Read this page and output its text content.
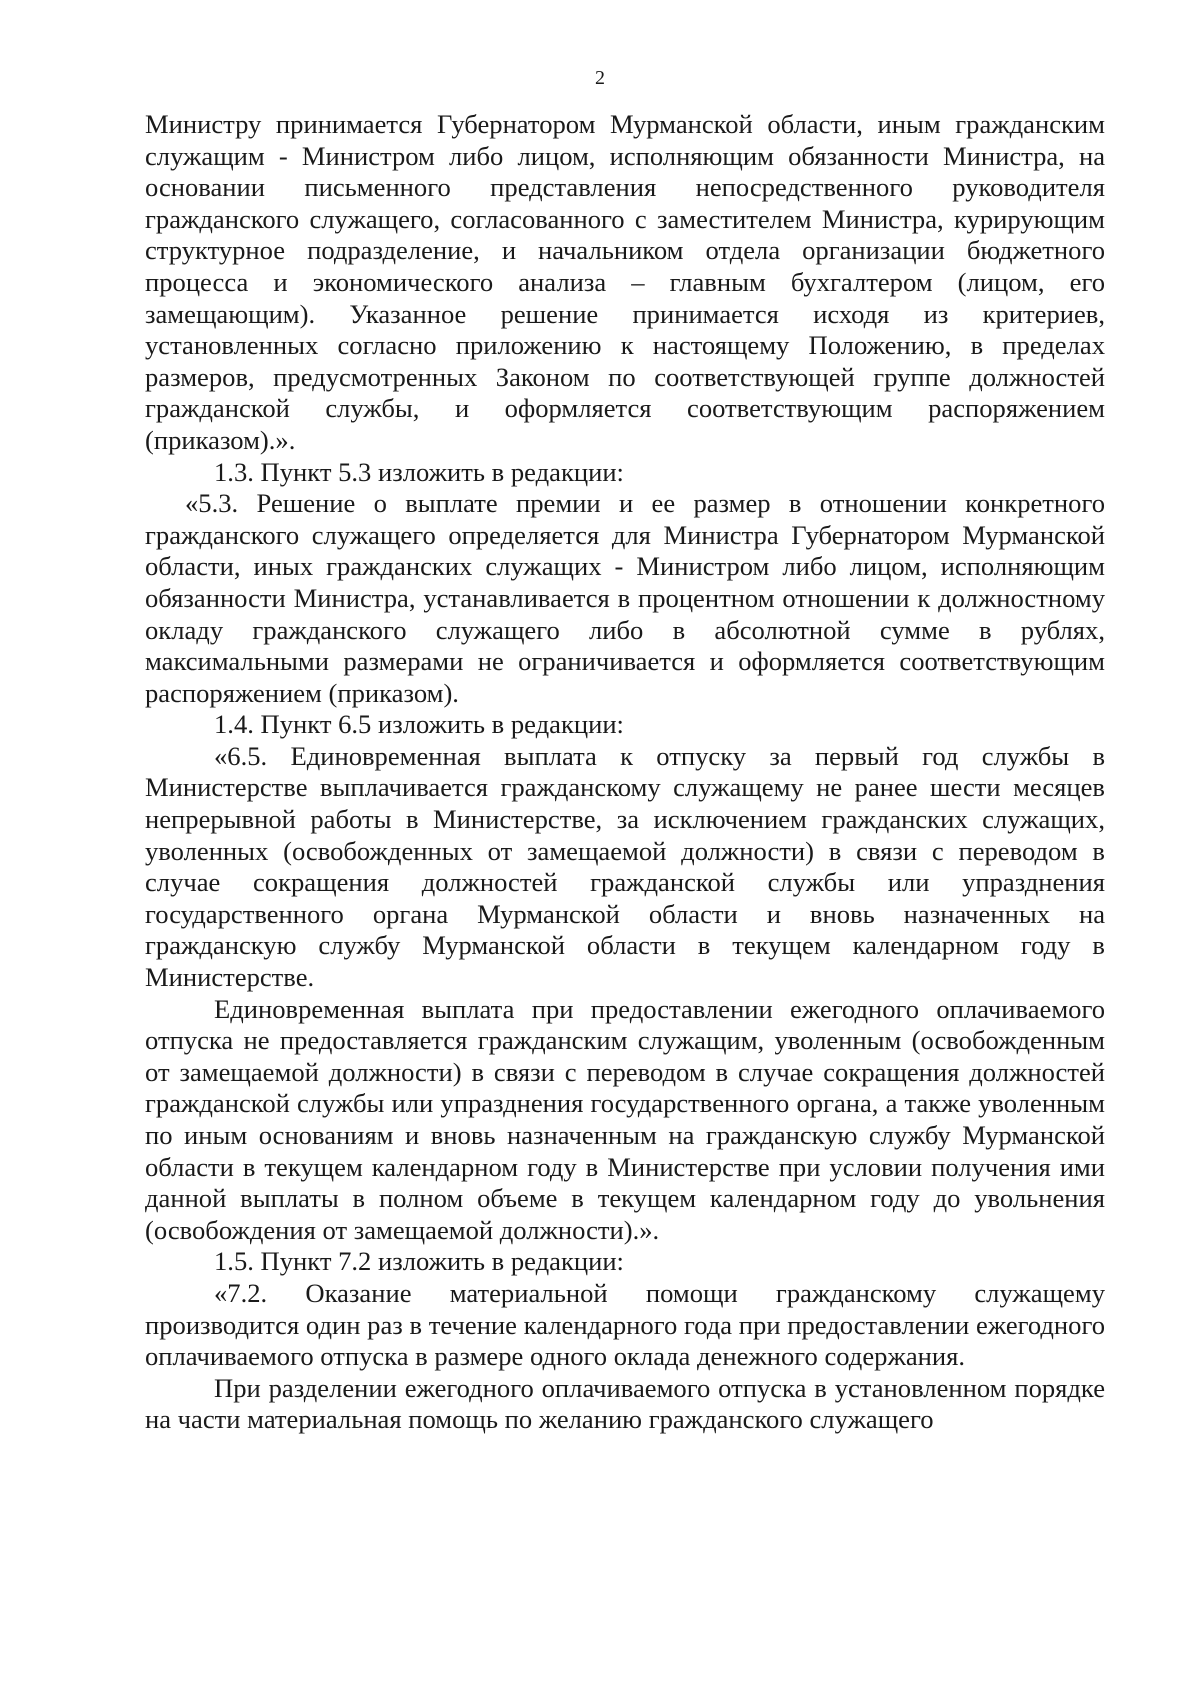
2

Министру принимается Губернатором Мурманской области, иным гражданским служащим - Министром либо лицом, исполняющим обязанности Министра, на основании письменного представления непосредственного руководителя гражданского служащего, согласованного с заместителем Министра, курирующим структурное подразделение, и начальником отдела организации бюджетного процесса и экономического анализа – главным бухгалтером (лицом, его замещающим). Указанное решение принимается исходя из критериев, установленных согласно приложению к настоящему Положению, в пределах размеров, предусмотренных Законом по соответствующей группе должностей гражданской службы, и оформляется соответствующим распоряжением (приказом).».

1.3. Пункт 5.3 изложить в редакции:

«5.3. Решение о выплате премии и ее размер в отношении конкретного гражданского служащего определяется для Министра Губернатором Мурманской области, иных гражданских служащих - Министром либо лицом, исполняющим обязанности Министра, устанавливается в процентном отношении к должностному окладу гражданского служащего либо в абсолютной сумме в рублях, максимальными размерами не ограничивается и оформляется соответствующим распоряжением (приказом).

1.4. Пункт 6.5 изложить в редакции:

«6.5. Единовременная выплата к отпуску за первый год службы в Министерстве выплачивается гражданскому служащему не ранее шести месяцев непрерывной работы в Министерстве, за исключением гражданских служащих, уволенных (освобожденных от замещаемой должности) в связи с переводом в случае сокращения должностей гражданской службы или упразднения государственного органа Мурманской области и вновь назначенных на гражданскую службу Мурманской области в текущем календарном году в Министерстве.

Единовременная выплата при предоставлении ежегодного оплачиваемого отпуска не предоставляется гражданским служащим, уволенным (освобожденным от замещаемой должности) в связи с переводом в случае сокращения должностей гражданской службы или упразднения государственного органа, а также уволенным по иным основаниям и вновь назначенным на гражданскую службу Мурманской области в текущем календарном году в Министерстве при условии получения ими данной выплаты в полном объеме в текущем календарном году до увольнения (освобождения от замещаемой должности).».

1.5. Пункт 7.2 изложить в редакции:

«7.2. Оказание материальной помощи гражданскому служащему производится один раз в течение календарного года при предоставлении ежегодного оплачиваемого отпуска в размере одного оклада денежного содержания.

При разделении ежегодного оплачиваемого отпуска в установленном порядке на части материальная помощь по желанию гражданского служащего
